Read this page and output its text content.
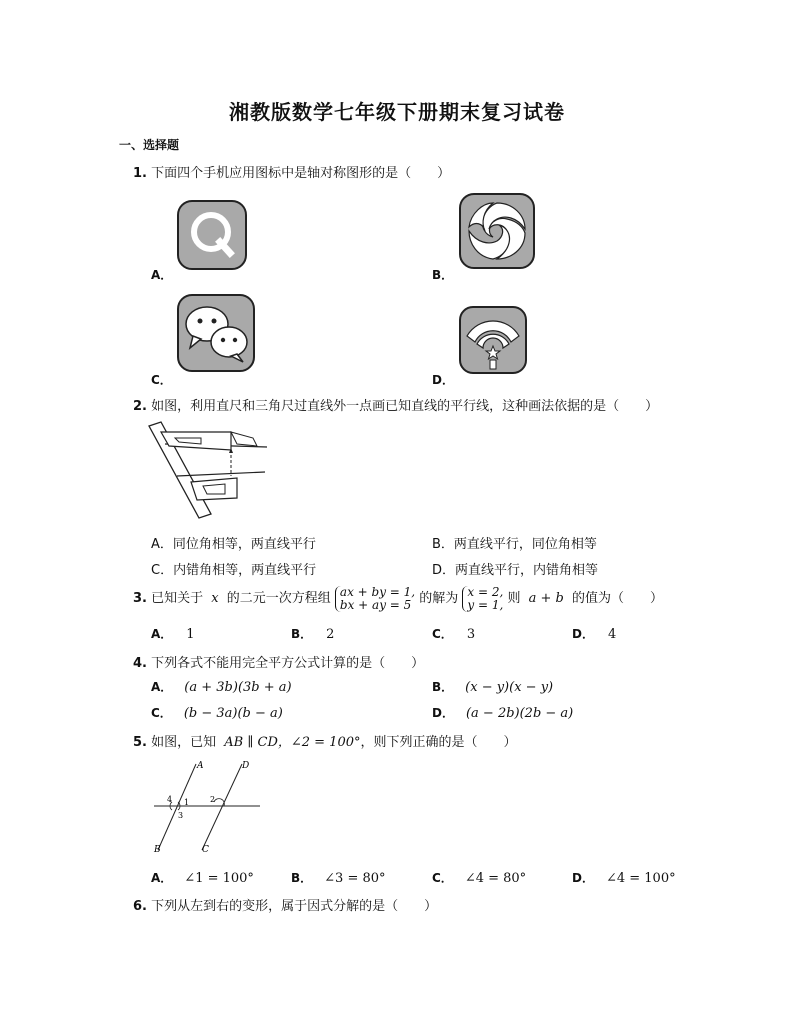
湘教版数学七年级下册期末复习试卷
一、选择题
1. 下面四个手机应用图标中是轴对称图形的是（　　）
A．	B．
C．	D．
2. 如图，利用直尺和三角尺过直线外一点画已知直线的平行线，这种画法依据的是（　　）
A．同位角相等，两直线平行	B．两直线平行，同位角相等
C．内错角相等，两直线平行	D．两直线平行，内错角相等
3. 已知关于 x 的二元一次方程组 ax + by = 1,
bx + ay = 5 的解为 x = 2,
y = 1, 则 a + b 的值为（　　）
A． 1	B． 2	C． 3	D． 4
4. 下列各式不能用完全平方公式计算的是（　　）
A． (a + 3b)(3b + a)	B． (x − y)(x − y)
C． (b − 3a)(b − a)	D． (a − 2b)(2b − a)
5. 如图，已知 AB ∥ CD，∠2 = 100°，则下列正确的是（　　）
A	D
4 1	2
3
B	C
A． ∠1 = 100°	B． ∠3 = 80°	C． ∠4 = 80°	D． ∠4 = 100°
6. 下列从左到右的变形，属于因式分解的是（　　）
